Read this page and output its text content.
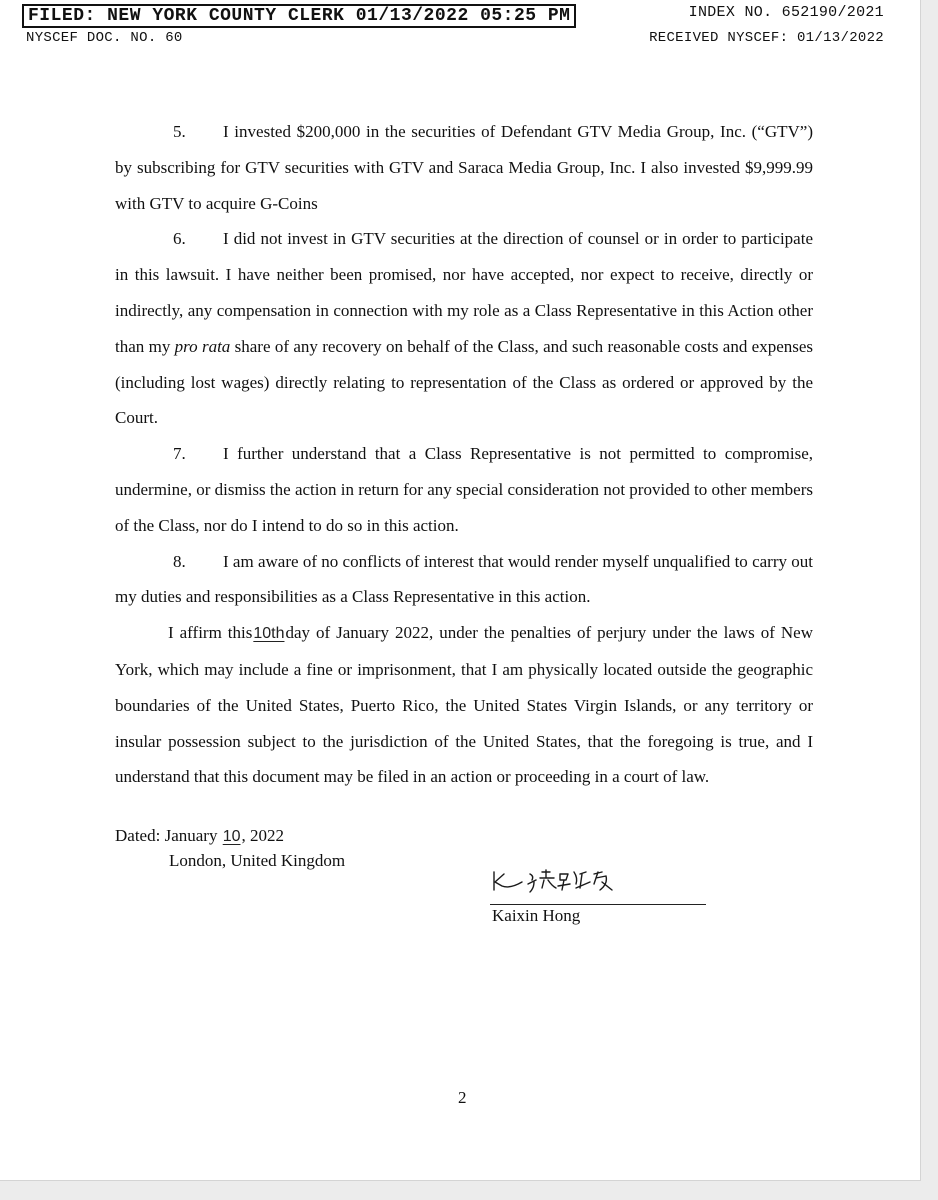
FILED: NEW YORK COUNTY CLERK 01/13/2022 05:25 PM	INDEX NO. 652190/2021
NYSCEF DOC. NO. 60	RECEIVED NYSCEF: 01/13/2022

5. I invested $200,000 in the securities of Defendant GTV Media Group, Inc. (“GTV”) by subscribing for GTV securities with GTV and Saraca Media Group, Inc. I also invested $9,999.99 with GTV to acquire G-Coins

6. I did not invest in GTV securities at the direction of counsel or in order to participate in this lawsuit. I have neither been promised, nor have accepted, nor expect to receive, directly or indirectly, any compensation in connection with my role as a Class Representative in this Action other than my pro rata share of any recovery on behalf of the Class, and such reasonable costs and expenses (including lost wages) directly relating to representation of the Class as ordered or approved by the Court.

7. I further understand that a Class Representative is not permitted to compromise, undermine, or dismiss the action in return for any special consideration not provided to other members of the Class, nor do I intend to do so in this action.

8. I am aware of no conflicts of interest that would render myself unqualified to carry out my duties and responsibilities as a Class Representative in this action.

I affirm this10thday of January 2022, under the penalties of perjury under the laws of New York, which may include a fine or imprisonment, that I am physically located outside the geographic boundaries of the United States, Puerto Rico, the United States Virgin Islands, or any territory or insular possession subject to the jurisdiction of the United States, that the foregoing is true, and I understand that this document may be filed in an action or proceeding in a court of law.

Dated: January 10, 2022
London, United Kingdom
Kaixin Hong
2
